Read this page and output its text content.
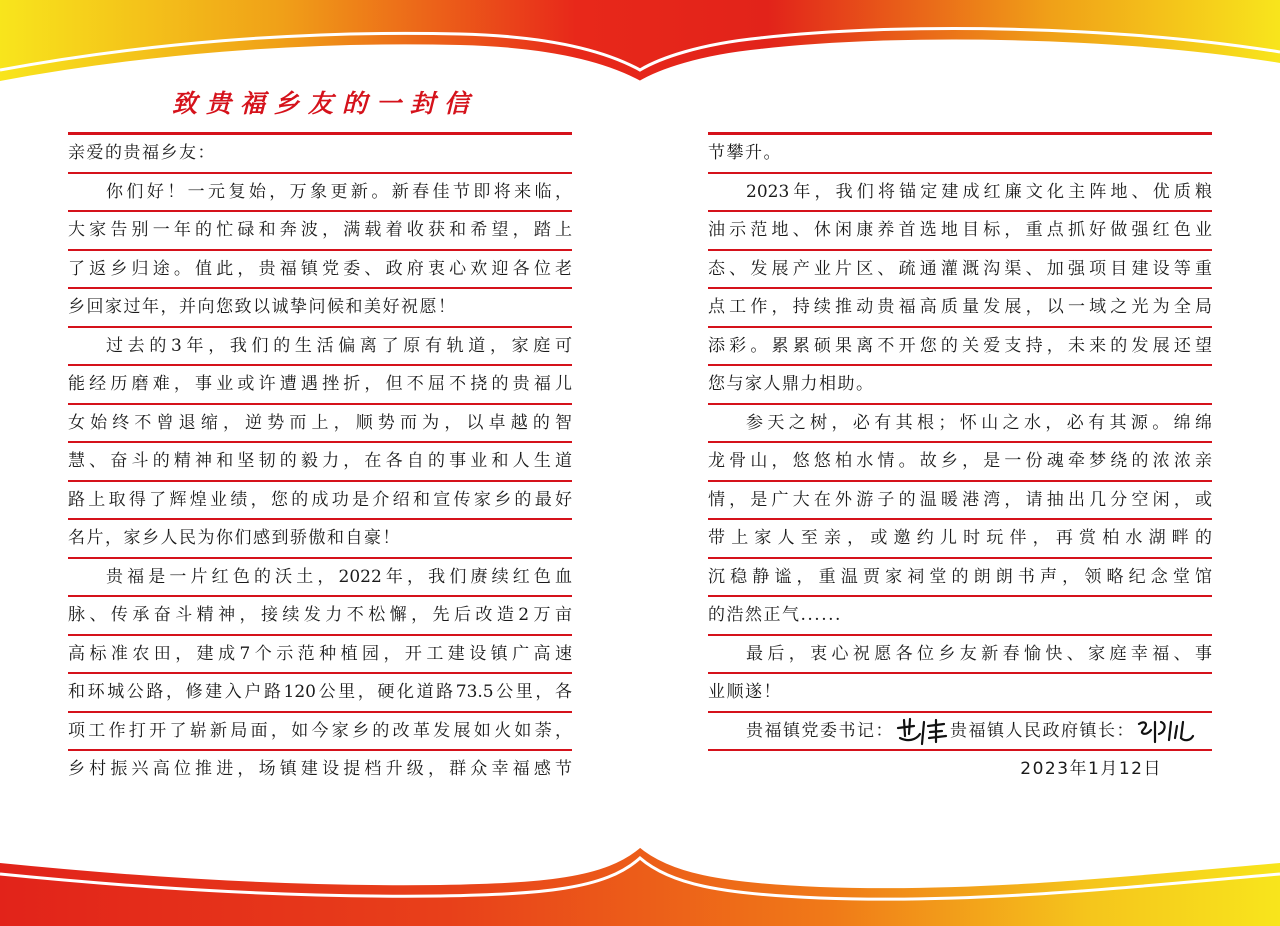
致贵福乡友的一封信
亲爱的贵福乡友：
你们好！一元复始，万象更新。新春佳节即将来临，
大家告别一年的忙碌和奔波，满载着收获和希望，踏上
了返乡归途。值此，贵福镇党委、政府衷心欢迎各位老
乡回家过年，并向您致以诚挚问候和美好祝愿！
过去的3年，我们的生活偏离了原有轨道，家庭可
能经历磨难，事业或许遭遇挫折，但不屈不挠的贵福儿
女始终不曾退缩，逆势而上，顺势而为，以卓越的智
慧、奋斗的精神和坚韧的毅力，在各自的事业和人生道
路上取得了辉煌业绩，您的成功是介绍和宣传家乡的最好
名片，家乡人民为你们感到骄傲和自豪！
贵福是一片红色的沃土，2022年，我们赓续红色血
脉、传承奋斗精神，接续发力不松懈，先后改造2万亩
高标准农田，建成7个示范种植园，开工建设镇广高速
和环城公路，修建入户路120公里，硬化道路73.5公里，各
项工作打开了崭新局面，如今家乡的改革发展如火如荼，
乡村振兴高位推进，场镇建设提档升级，群众幸福感节
节攀升。
2023年，我们将锚定建成红廉文化主阵地、优质粮
油示范地、休闲康养首选地目标，重点抓好做强红色业
态、发展产业片区、疏通灌溉沟渠、加强项目建设等重
点工作，持续推动贵福高质量发展，以一域之光为全局
添彩。累累硕果离不开您的关爱支持，未来的发展还望
您与家人鼎力相助。
参天之树，必有其根；怀山之水，必有其源。绵绵
龙骨山，悠悠柏水情。故乡，是一份魂牵梦绕的浓浓亲
情，是广大在外游子的温暖港湾，请抽出几分空闲，或
带上家人至亲，或邀约儿时玩伴，再赏柏水湖畔的
沉稳静谧，重温贾家祠堂的朗朗书声，领略纪念堂馆
的浩然正气......
最后，衷心祝愿各位乡友新春愉快、家庭幸福、事
业顺遂！
贵福镇党委书记：	贵福镇人民政府镇长：
2023年1月12日
